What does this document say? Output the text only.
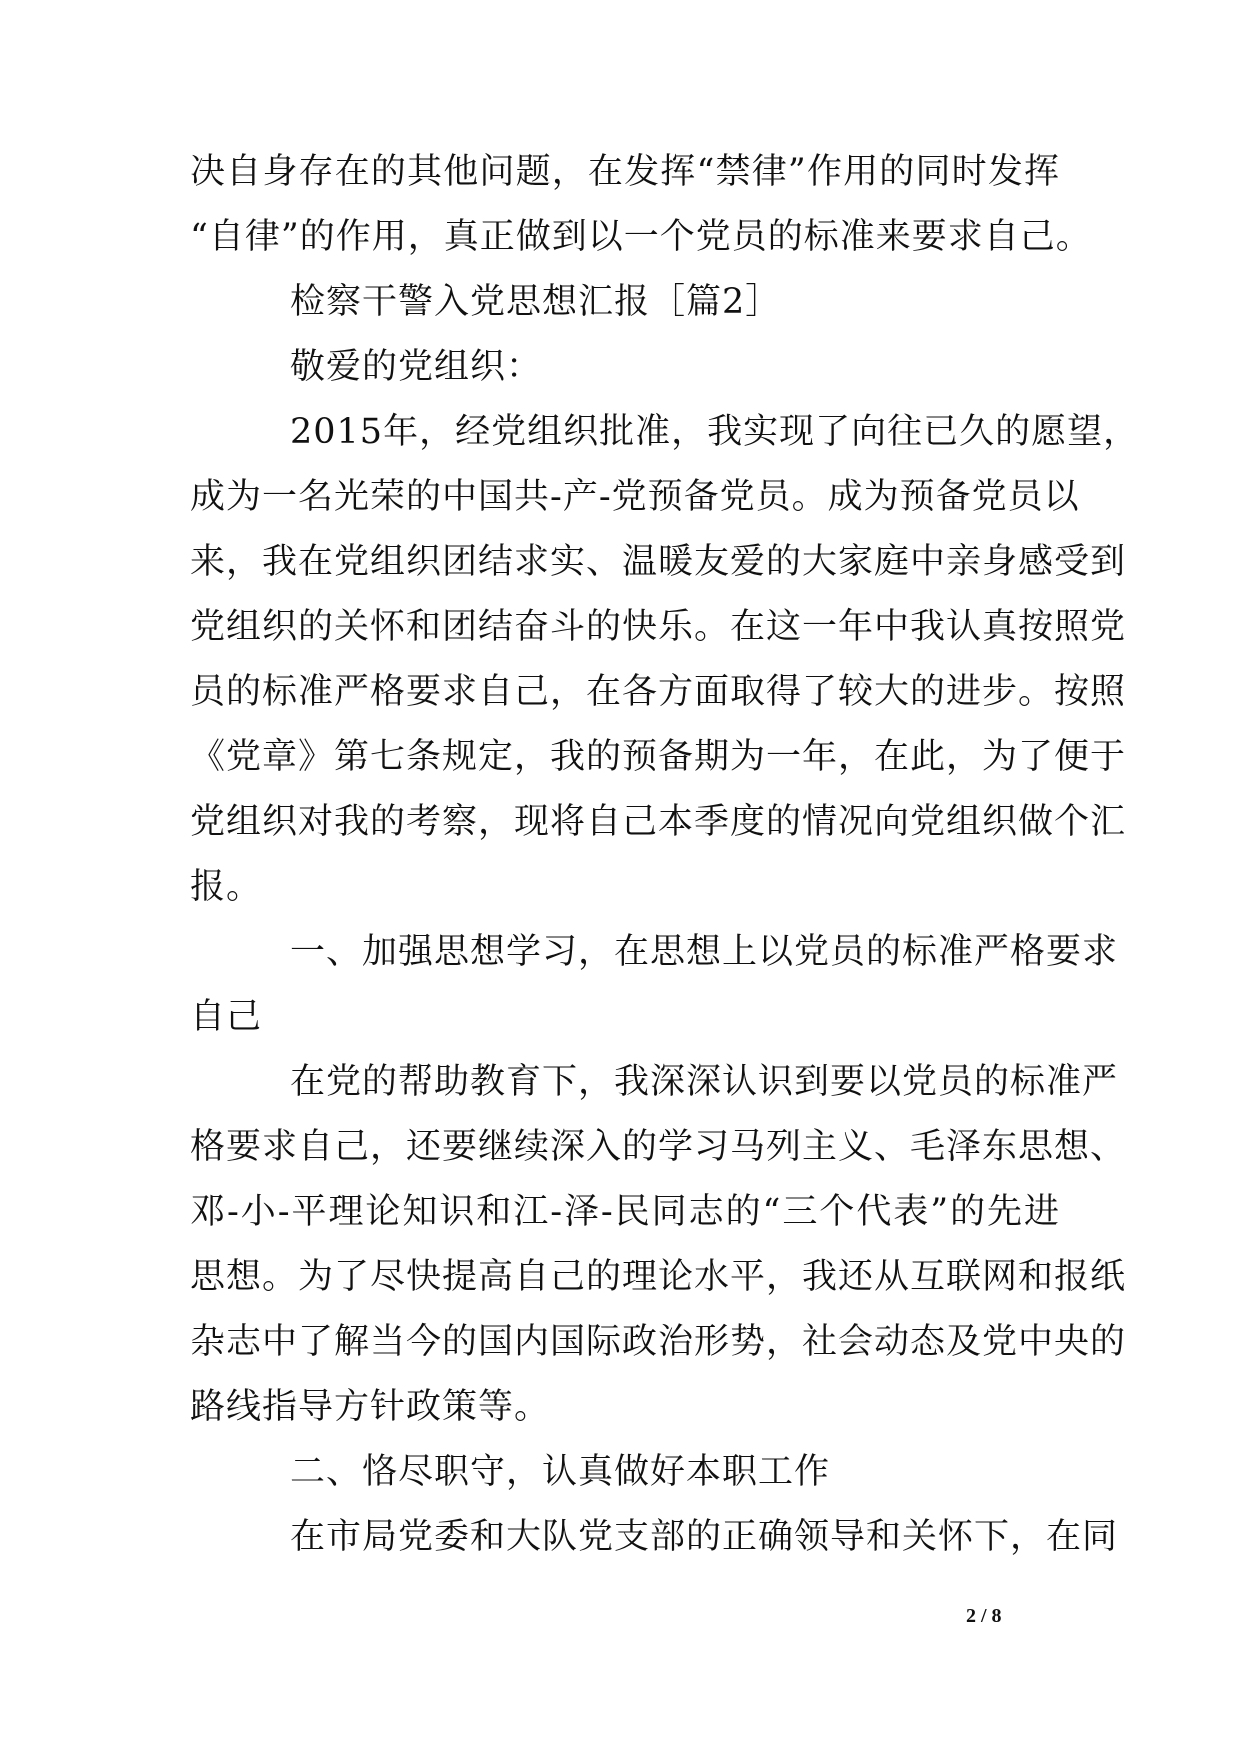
决自身存在的其他问题，在发挥“禁律”作用的同时发挥
“自律”的作用，真正做到以一个党员的标准来要求自己。
检察干警入党思想汇报［篇2］
敬爱的党组织：
2015年，经党组织批准，我实现了向往已久的愿望，
成为一名光荣的中国共-产-党预备党员。成为预备党员以
来，我在党组织团结求实、温暖友爱的大家庭中亲身感受到
党组织的关怀和团结奋斗的快乐。在这一年中我认真按照党
员的标准严格要求自己，在各方面取得了较大的进步。按照
《党章》第七条规定，我的预备期为一年，在此，为了便于
党组织对我的考察，现将自己本季度的情况向党组织做个汇
报。
一、加强思想学习，在思想上以党员的标准严格要求
自己
在党的帮助教育下，我深深认识到要以党员的标准严
格要求自己，还要继续深入的学习马列主义、毛泽东思想、
邓-小-平理论知识和江-泽-民同志的“三个代表”的先进
思想。为了尽快提高自己的理论水平，我还从互联网和报纸
杂志中了解当今的国内国际政治形势，社会动态及党中央的
路线指导方针政策等。
二、恪尽职守，认真做好本职工作
在市局党委和大队党支部的正确领导和关怀下，在同
2 / 8
